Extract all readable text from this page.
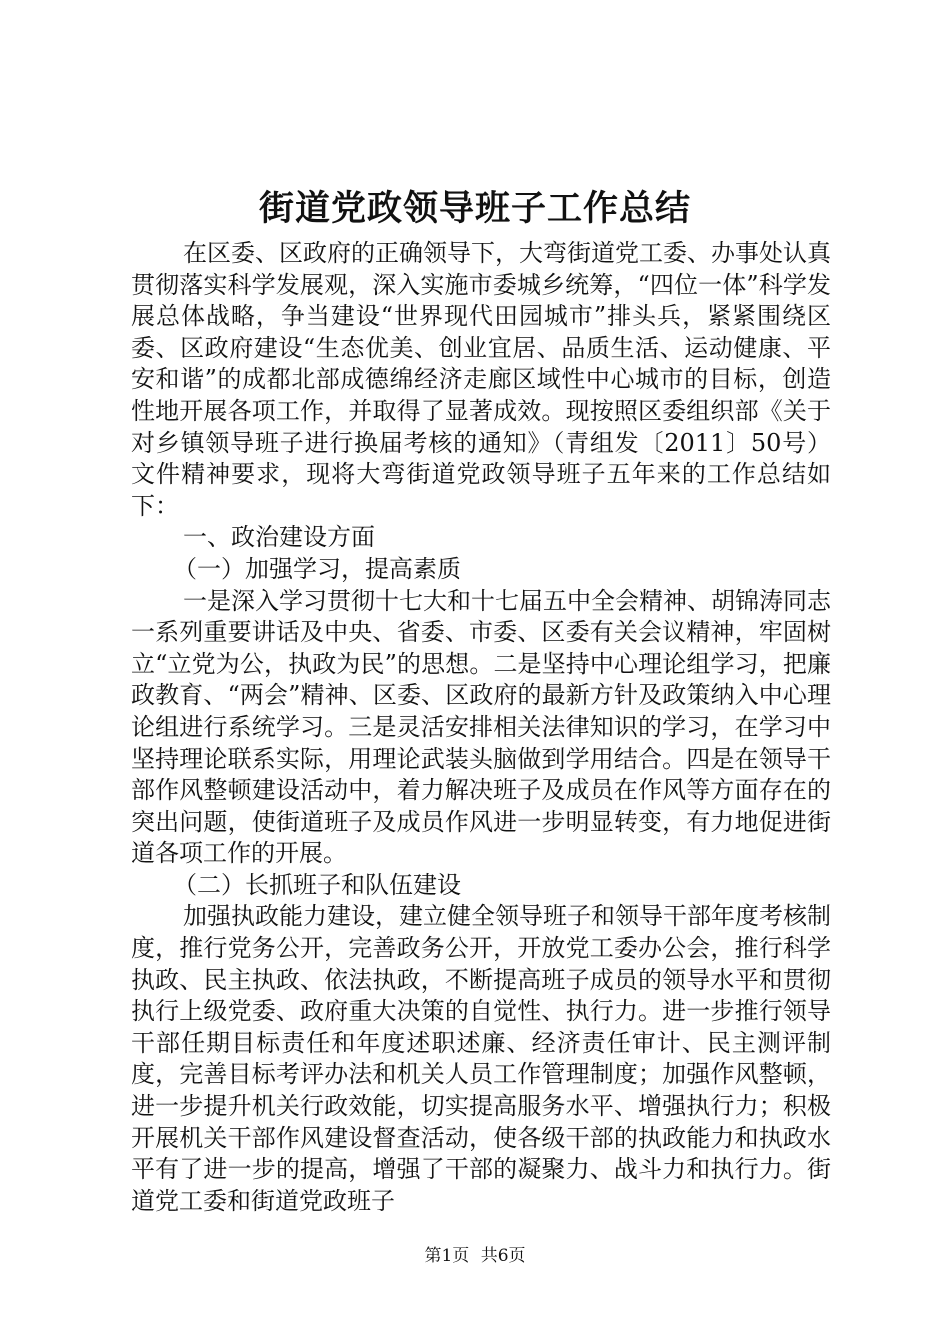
街道党政领导班子工作总结

在区委、区政府的正确领导下，大弯街道党工委、办事处认真贯彻落实科学发展观，深入实施市委城乡统筹，“四位一体”科学发展总体战略，争当建设“世界现代田园城市”排头兵，紧紧围绕区委、区政府建设“生态优美、创业宜居、品质生活、运动健康、平安和谐”的成都北部成德绵经济走廊区域性中心城市的目标，创造性地开展各项工作，并取得了显著成效。现按照区委组织部《关于对乡镇领导班子进行换届考核的通知》（青组发〔2011〕50号）文件精神要求，现将大弯街道党政领导班子五年来的工作总结如下：

一、政治建设方面

（一）加强学习，提高素质

一是深入学习贯彻十七大和十七届五中全会精神、胡锦涛同志一系列重要讲话及中央、省委、市委、区委有关会议精神，牢固树立“立党为公，执政为民”的思想。二是坚持中心理论组学习，把廉政教育、“两会”精神、区委、区政府的最新方针及政策纳入中心理论组进行系统学习。三是灵活安排相关法律知识的学习，在学习中坚持理论联系实际，用理论武装头脑做到学用结合。四是在领导干部作风整顿建设活动中，着力解决班子及成员在作风等方面存在的突出问题，使街道班子及成员作风进一步明显转变，有力地促进街道各项工作的开展。

（二）长抓班子和队伍建设

加强执政能力建设，建立健全领导班子和领导干部年度考核制度，推行党务公开，完善政务公开，开放党工委办公会，推行科学执政、民主执政、依法执政，不断提高班子成员的领导水平和贯彻执行上级党委、政府重大决策的自觉性、执行力。进一步推行领导干部任期目标责任和年度述职述廉、经济责任审计、民主测评制度，完善目标考评办法和机关人员工作管理制度；加强作风整顿，进一步提升机关行政效能，切实提高服务水平、增强执行力；积极开展机关干部作风建设督查活动，使各级干部的执政能力和执政水平有了进一步的提高，增强了干部的凝聚力、战斗力和执行力。街道党工委和街道党政班子

第1页 共6页
